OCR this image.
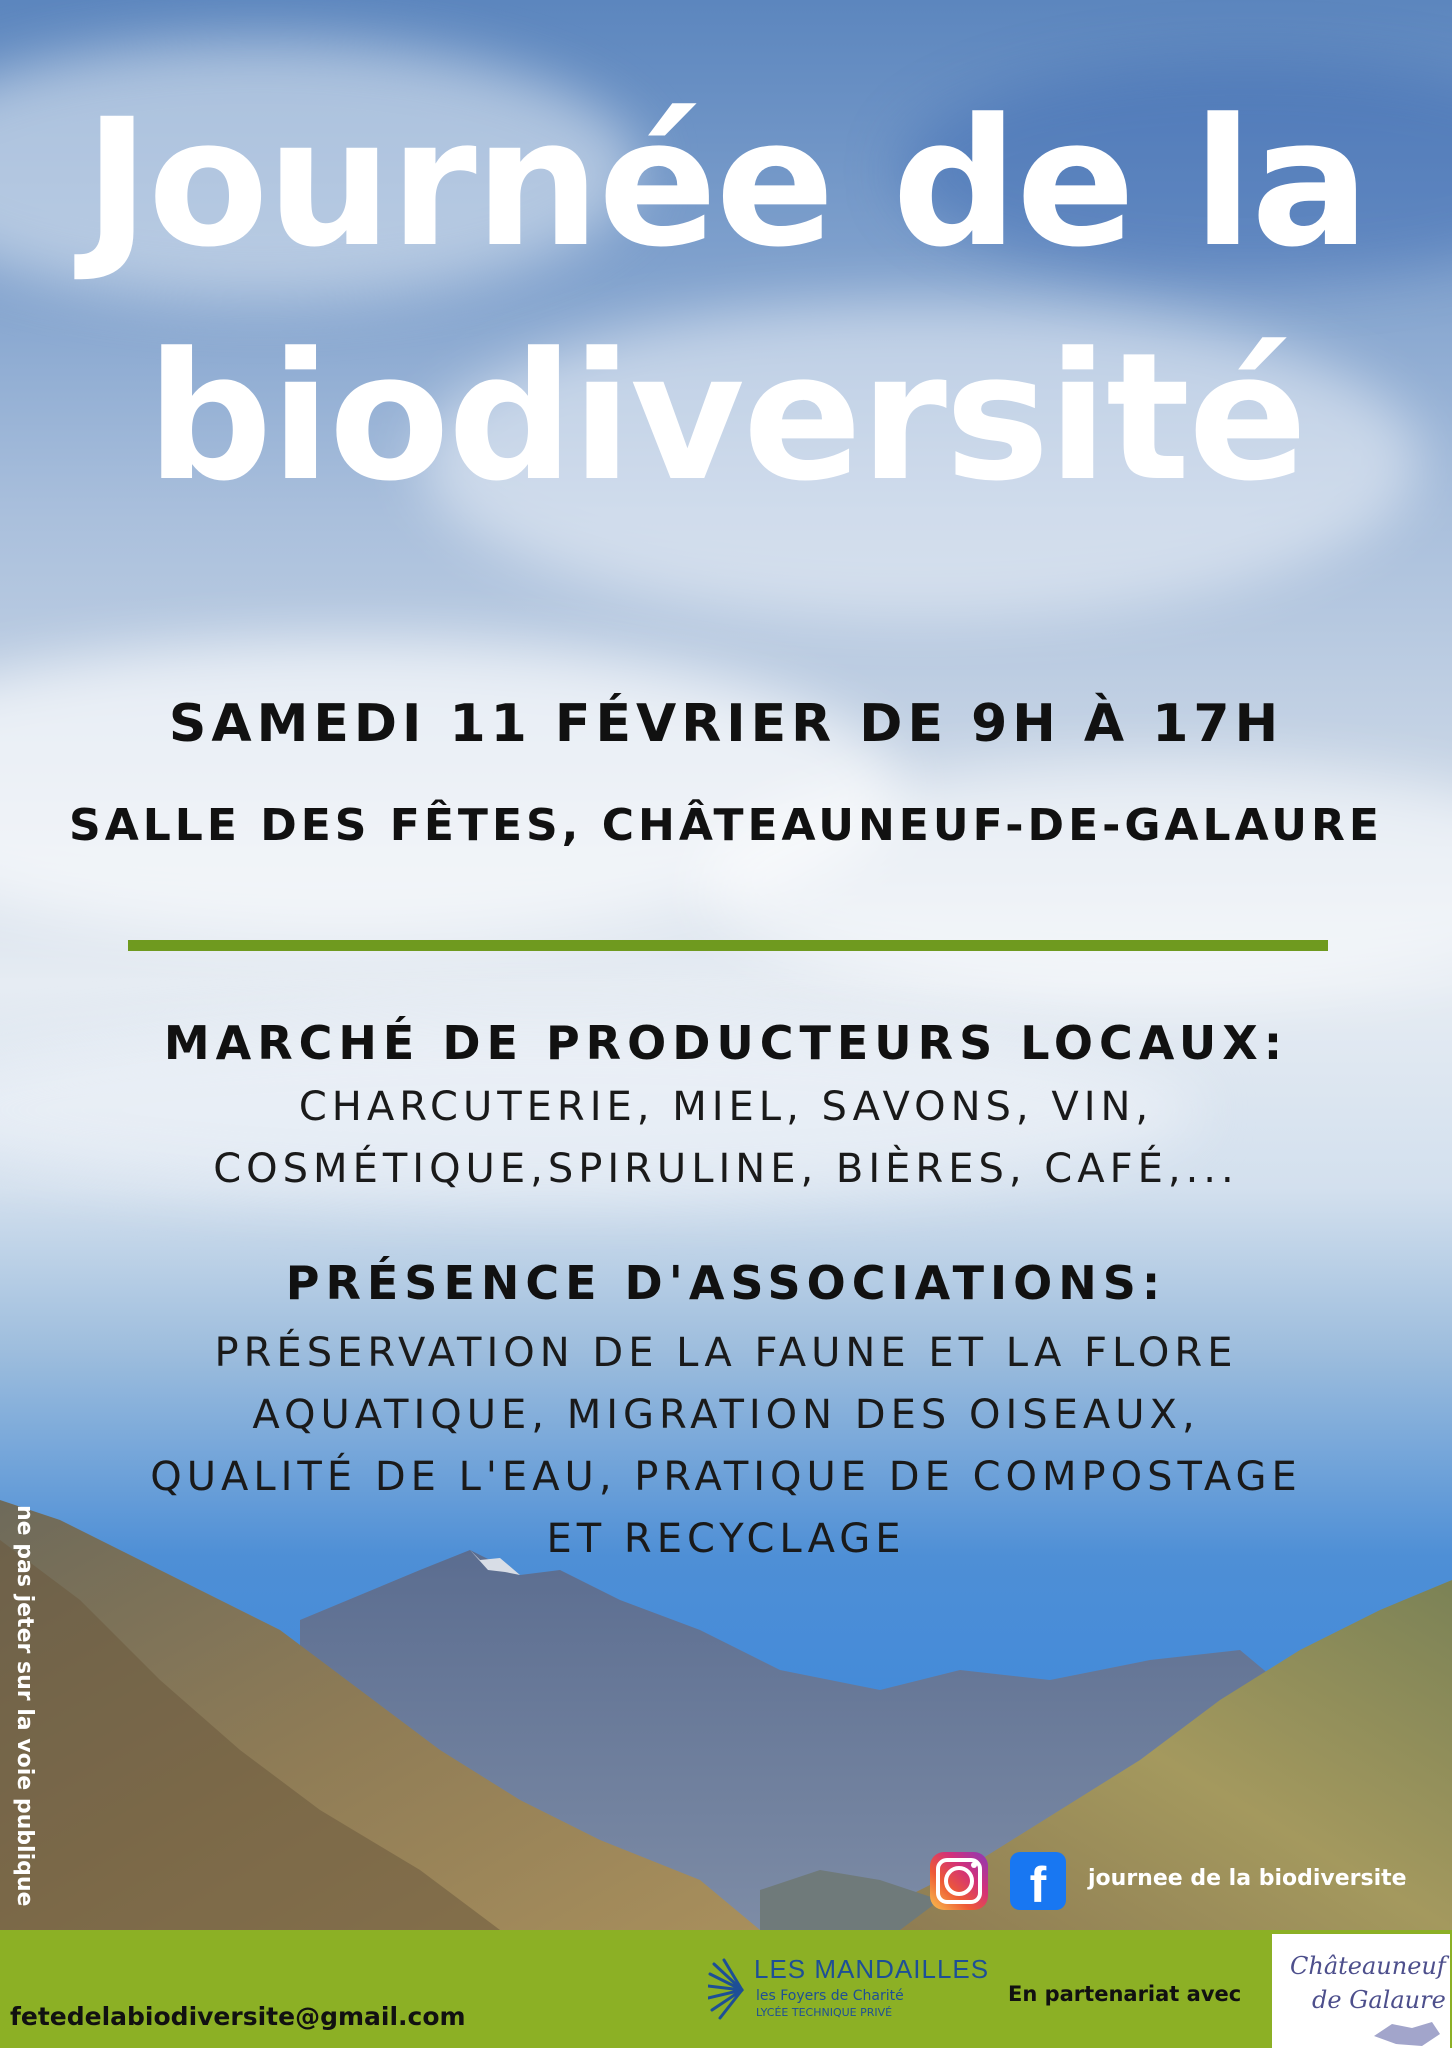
Journée de la
biodiversité
SAMEDI 11 FÉVRIER DE 9H À 17H
SALLE DES FÊTES, CHÂTEAUNEUF-DE-GALAURE
MARCHÉ DE PRODUCTEURS LOCAUX:
CHARCUTERIE, MIEL, SAVONS, VIN,
COSMÉTIQUE,SPIRULINE, BIÈRES, CAFÉ,...
PRÉSENCE D'ASSOCIATIONS:
PRÉSERVATION DE LA FAUNE ET LA FLORE
AQUATIQUE, MIGRATION DES OISEAUX,
QUALITÉ DE L'EAU, PRATIQUE DE COMPOSTAGE
ET RECYCLAGE
ne pas jeter sur la voie publique	f	journee de la biodiversite
fetedelabiodiversite@gmail.com
LES MANDAILLES
les Foyers de Charité
LYCÉE TECHNIQUE PRIVÉ
En partenariat avec
Châteauneuf
de Galaure
